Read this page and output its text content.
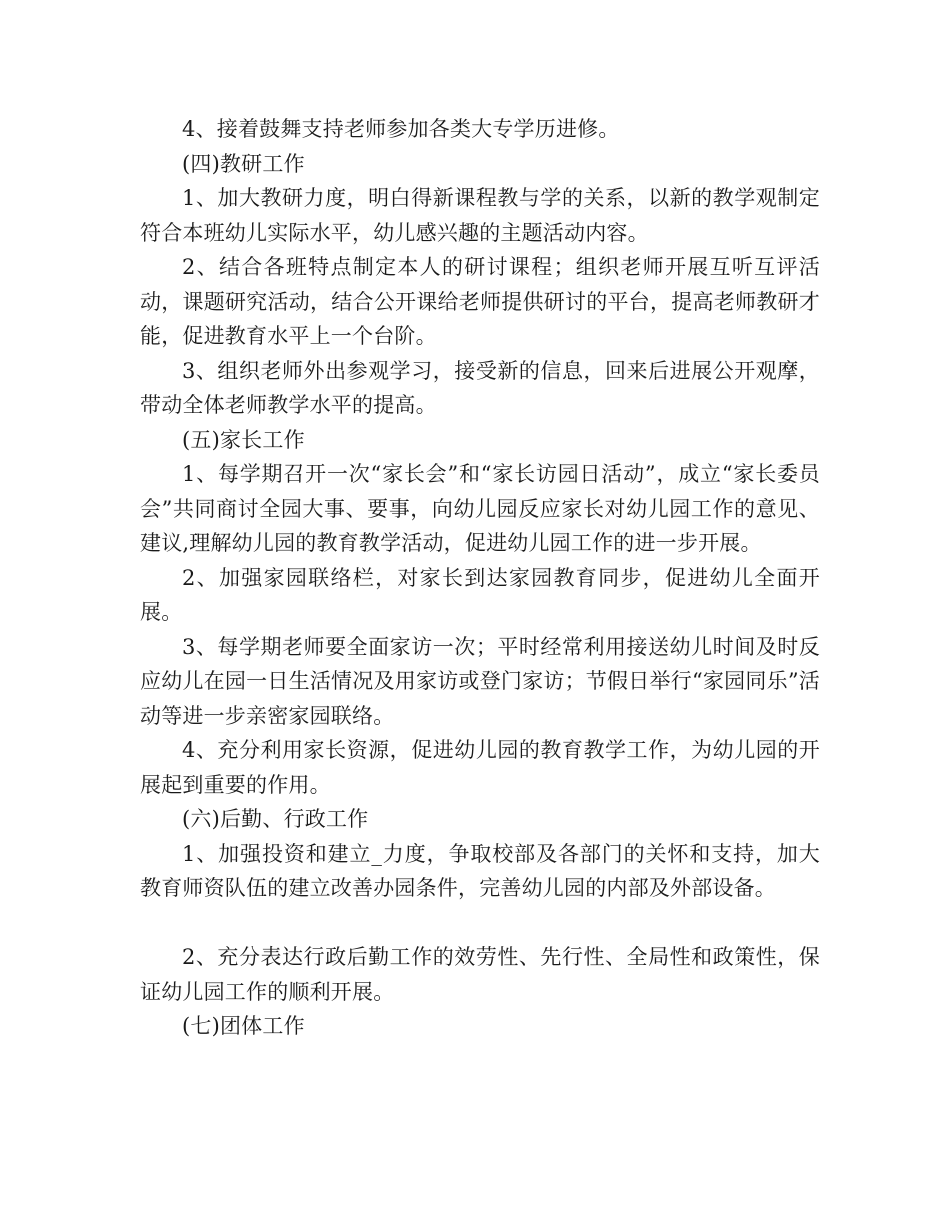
4、接着鼓舞支持老师参加各类大专学历进修。

(四)教研工作

1、加大教研力度，明白得新课程教与学的关系，以新的教学观制定符合本班幼儿实际水平，幼儿感兴趣的主题活动内容。

2、结合各班特点制定本人的研讨课程；组织老师开展互听互评活动，课题研究活动，结合公开课给老师提供研讨的平台，提高老师教研才能，促进教育水平上一个台阶。

3、组织老师外出参观学习，接受新的信息，回来后进展公开观摩，带动全体老师教学水平的提高。

(五)家长工作

1、每学期召开一次“家长会”和“家长访园日活动”，成立“家长委员会”共同商讨全园大事、要事，向幼儿园反应家长对幼儿园工作的意见、建议,理解幼儿园的教育教学活动，促进幼儿园工作的进一步开展。

2、加强家园联络栏，对家长到达家园教育同步，促进幼儿全面开展。

3、每学期老师要全面家访一次；平时经常利用接送幼儿时间及时反应幼儿在园一日生活情况及用家访或登门家访；节假日举行“家园同乐”活动等进一步亲密家园联络。

4、充分利用家长资源，促进幼儿园的教育教学工作，为幼儿园的开展起到重要的作用。

(六)后勤、行政工作

1、加强投资和建立_力度，争取校部及各部门的关怀和支持，加大教育师资队伍的建立改善办园条件，完善幼儿园的内部及外部设备。

2、充分表达行政后勤工作的效劳性、先行性、全局性和政策性，保证幼儿园工作的顺利开展。

(七)团体工作
